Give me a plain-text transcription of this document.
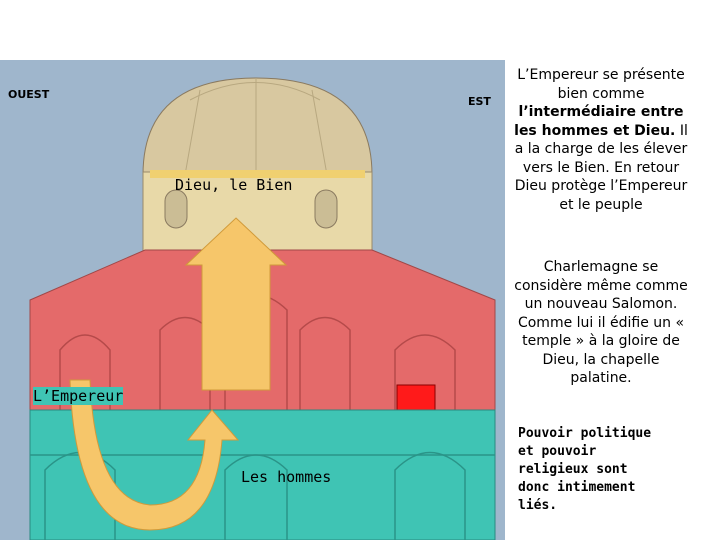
OUEST
EST
Dieu, le Bien
L’Empereur
Les hommes
L’Empereur se présente bien comme l’intermédiaire entre les hommes et Dieu. Il a la charge de les élever vers le Bien. En retour Dieu protège l’Empereur et le peuple
Charlemagne se considère même comme un nouveau Salomon. Comme lui il édifie un « temple » à la gloire de Dieu, la chapelle palatine.
Pouvoir politique et pouvoir religieux sont donc intimement liés.
